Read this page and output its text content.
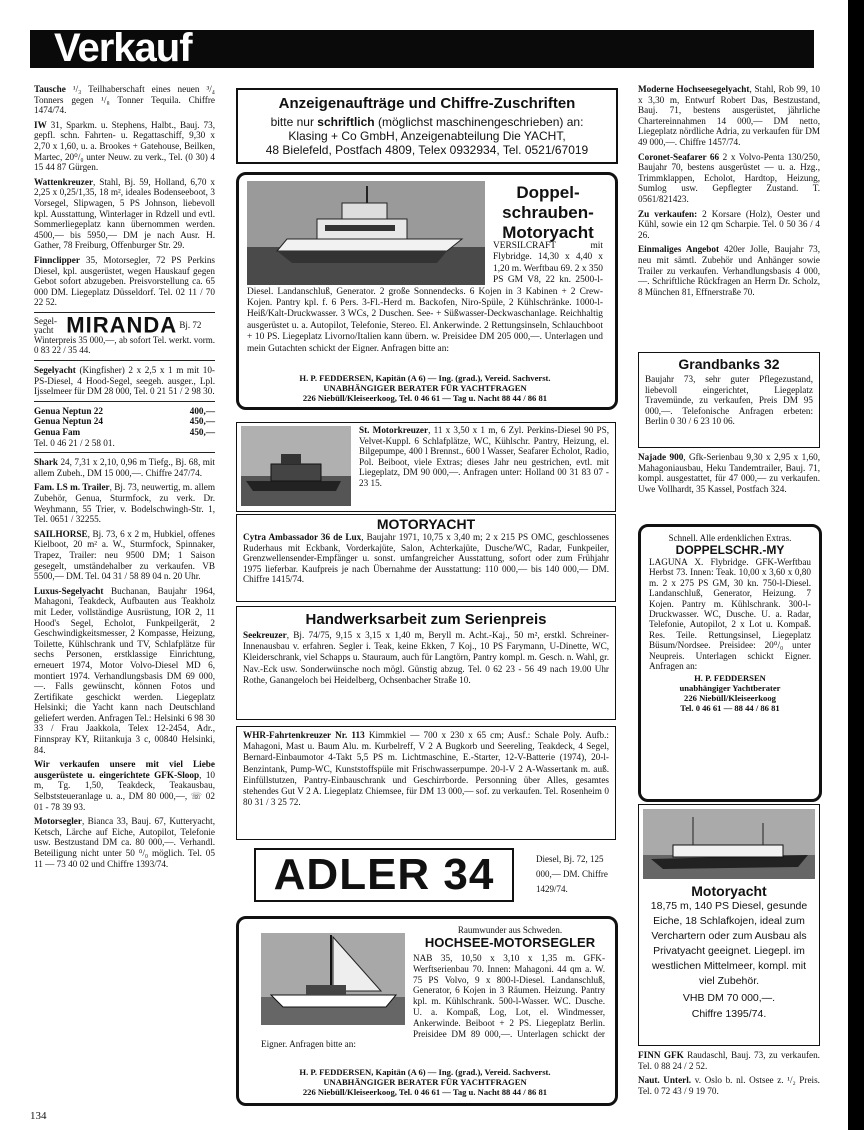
Verkauf
Tausche ¹/₃ Teilhaberschaft eines neuen ³/₄ Tonners gegen ¹/₈ Tonner Tequila. Chiffre 1474/74.
IW 31, Sparkm. u. Stephens, Halbt., Bauj. 73, gepfl. schn. Fahrten- u. Regattaschiff, 9,30 x 2,70 x 1,60, u. a. Brookes + Gatehouse, Beilken, Martec, 20⁰/₀ unter Neuw. zu verk., Tel. (0 30) 4 15 44 87 Gürgen.
Wattenkreuzer, Stahl, Bj. 59, Holland, 6,70 x 2,25 x 0,25/1,35, 18 m², ideales Bodenseeboot, 3 Vorsegel, Slipwagen, 5 PS Johnson, liebevoll kpl. Ausstattung, Winterlager in Rdzell und evtl. Sommerliegeplatz kann übernommen werden. 4500,— bis 5950,— DM je nach Ausr. H. Gather, 78 Freiburg, Offenburger Str. 29.
Finnclipper 35, Motorsegler, 72 PS Perkins Diesel, kpl. ausgerüstet, wegen Hauskauf gegen Gebot sofort abzugeben. Preisvorstellung ca. 65 000 DM. Liegeplatz Düsseldorf. Tel. 02 11 / 70 22 52.
Segel-yacht MIRANDA Bj. 72
Winterpreis 35 000,—, ab sofort Tel. werkt. vorm. 0 83 22 / 35 44.
Segelyacht (Kingfisher) 2 x 2,5 x 1 m mit 10-PS-Diesel, 4 Hood-Segel, seegeh. ausger., Lpl. Ijsselmeer für DM 28 000, Tel. 0 21 51 / 2 98 30.
Genua Neptun 22	400,—
Genua Neptun 24	450,—
Genua Fam	450,—
Tel. 0 46 21 / 2 58 01.
Shark 24, 7,31 x 2,10, 0,96 m Tiefg., Bj. 68, mit allem Zubeh., DM 15 000,—. Chiffre 247/74.
Fam. LS m. Trailer, Bj. 73, neuwertig, m. allem Zubehör, Genua, Sturmfock, zu verk. Dr. Weyhmann, 55 Trier, v. Bodelschwingh-Str. 1, Tel. 0651 / 32255.
SAILHORSE, Bj. 73, 6 x 2 m, Hubkiel, offenes Kielboot, 20 m² a. W., Sturmfock, Spinnaker, Trapez, Trailer: neu 9500 DM; 1 Saison gesegelt, umständehalber zu verkaufen. VB 5500,— DM. Tel. 04 31 / 58 89 04 n. 20 Uhr.
Luxus-Segelyacht Buchanan, Baujahr 1964, Mahagoni, Teakdeck, Aufbauten aus Teakholz mit Leder, vollständige Ausrüstung, IOR 2, 11 Hood's Segel, Echolot, Funkpeilgerät, 2 Geschwindigkeitsmesser, 2 Kompasse, Heizung, Toilette, Kühlschrank und TV, Schlafplätze für sechs Personen, erstklassige Einrichtung, erneuert 1974, Motor Volvo-Diesel MD 6, montiert 1974. Verhandlungsbasis DM 69 000,—. Falls gewünscht, können Fotos und Zertifikate geschickt werden. Liegeplatz Helsinki; die Yacht kann nach Deutschland geliefert werden. Anfragen Tel.: Helsinki 6 98 30 33 / Frau Jaakkola, Telex 12-2454, Adr., Finnspray KY, Riitankuja 3 c, 00840 Helsinki, 84.
Wir verkaufen unsere mit viel Liebe ausgerüstete u. eingerichtete GFK-Sloop, 10 m, Tg. 1,50, Teakdeck, Teakausbau, Selbststeueranlage u. a., DM 80 000,—, ☏ 02 01 - 78 39 93.
Motorsegler, Bianca 33, Bauj. 67, Kutteryacht, Ketsch, Lärche auf Eiche, Autopilot, Telefonie usw. Bestzustand DM ca. 80 000,—. Verhandl. Beteiligung nicht unter 50 ⁰/₀ möglich. Tel. 05 11 — 73 40 02 und Chiffre 1393/74.
Anzeigenaufträge und Chiffre-Zuschriften
bitte nur schriftlich (möglichst maschinengeschrieben) an:
Klasing + Co GmbH, Anzeigenabteilung Die YACHT,
48 Bielefeld, Postfach 4809, Telex 0932934, Tel. 0521/67019
Doppel-schrauben-Motoryacht
VERSILCRAFT mit Flybridge. 14,30 x 4,40 x 1,20 m. Werftbau 69. 2 x 350 PS GM V8, 22 kn. 2500-l-Diesel. Landanschluß, Generator. 2 große Sonnendecks. 6 Kojen in 3 Kabinen + 2 Crew-Kojen. Pantry kpl. f. 6 Pers. 3-Fl.-Herd m. Backofen, Niro-Spüle, 2 Kühlschränke. 1000-l-Heiß/Kalt-Druckwasser. 3 WCs, 2 Duschen. See- + Süßwasser-Deckwaschanlage. Reichhaltig ausgerüstet u. a. Autopilot, Telefonie, Stereo. El. Ankerwinde. 2 Rettungsinseln, Schlauchboot + 10 PS. Liegeplatz Livorno/Italien kann übern. w. Preisidee DM 205 000,—. Unterlagen und mein Gutachten schickt der Eigner. Anfragen bitte an:
H. P. FEDDERSEN, Kapitän (A 6) — Ing. (grad.), Vereid. Sachverst.
UNABHÄNGIGER BERATER FÜR YACHTFRAGEN
226 Niebüll/Kleiseerkoog, Tel. 0 46 61 — Tag u. Nacht 88 44 / 86 81
St. Motorkreuzer, 11 x 3,50 x 1 m, 6 Zyl. Perkins-Diesel 90 PS, Velvet-Kuppl. 6 Schlafplätze, WC, Kühlschr. Pantry, Heizung, el. Bilgepumpe, 400 l Brennst., 600 l Wasser, Seafarer Echolot, Radio, Pol. Beiboot, viele Extras; dieses Jahr neu gestrichen, evtl. mit Liegeplatz, DM 90 000,—. Anfragen unter: Holland 00 31 83 07 - 23 15.
MOTORYACHT
Cytra Ambassador 36 de Lux, Baujahr 1971, 10,75 x 3,40 m; 2 x 215 PS OMC, geschlossenes Ruderhaus mit Eckbank, Vorderkajüte, Salon, Achterkajüte, Dusche/WC, Radar, Funkpeiler, Grenzwellensender-Empfänger u. sonst. umfangreicher Ausstattung, sofort oder zum Frühjahr 1975 lieferbar. Kaufpreis je nach Übernahme der Ausstattung: 110 000,— bis 140 000,— DM. Chiffre 1415/74.
Handwerksarbeit zum Serienpreis
Seekreuzer, Bj. 74/75, 9,15 x 3,15 x 1,40 m, Beryll m. Acht.-Kaj., 50 m², erstkl. Schreiner-Innenausbau v. erfahren. Segler i. Teak, keine Ekken, 7 Koj., 10 PS Farymann, U-Dinette, WC, Kleiderschrank, viel Schapps u. Stauraum, auch für Langtörn, Pantry kompl. m. Gesch. n. Wahl, gr. Nav.-Eck usw. Sonderwünsche noch mögl. Günstig abzug. Tel. 0 62 23 - 56 49 nach 19.00 Uhr Rothe, Ganangeloch bei Heidelberg, Ochsenbacher Straße 10.
WHR-Fahrtenkreuzer Nr. 113 Kimmkiel — 700 x 230 x 65 cm; Ausf.: Schale Poly. Aufb.: Mahagoni, Mast u. Baum Alu. m. Kurbelreff, V 2 A Bugkorb und Seereling, Teakdeck, 4 Segel, Bernard-Einbaumotor 4-Takt 5,5 PS m. Lichtmaschine, E.-Starter, 12-V-Batterie (1974), 20-l-Benzintank, Pump-WC, Kunststoffspüle mit Frischwasserpumpe. 20-l-V 2 A-Wassertank m. auß. Einfüllstutzen, Pantry-Einbauschrank und Geschirrborde. Personning über Alles, gesamtes stehendes Gut V 2 A. Liegeplatz Chiemsee, für DM 13 000,— sof. zu verkaufen. Tel. Rosenheim 0 80 31 / 3 25 72.
ADLER 34	Diesel, Bj. 72, 125 000,— DM. Chiffre 1429/74.
Raumwunder aus Schweden.
HOCHSEE-MOTORSEGLER
NAB 35, 10,50 x 3,10 x 1,35 m. GFK-Werftserienbau 70. Innen: Mahagoni. 44 qm a. W. 75 PS Volvo, 9 x 800-l-Diesel. Landanschluß, Generator, 6 Kojen in 3 Räumen. Heizung. Pantry kpl. m. Kühlschrank. 500-l-Wasser. WC. Dusche. U. a. Kompaß, Log, Lot, el. Windmesser, Ankerwinde. Beiboot + 2 PS. Liegeplatz Berlin. Preisidee DM 89 000,—. Unterlagen schickt der Eigner. Anfragen bitte an:
H. P. FEDDERSEN, Kapitän (A 6) — Ing. (grad.), Vereid. Sachverst.
UNABHÄNGIGER BERATER FÜR YACHTFRAGEN
226 Niebüll/Kleiseerkoog, Tel. 0 46 61 — Tag u. Nacht 88 44 / 86 81
Moderne Hochseesegelyacht, Stahl, Rob 99, 10 x 3,30 m, Entwurf Robert Das, Bestzustand, Bauj. 71, bestens ausgerüstet, jährliche Chartereinnahmen 14 000,— DM netto, Liegeplatz nördliche Adria, zu verkaufen für DM 49 000,—. Chiffre 1457/74.
Coronet-Seafarer 66 2 x Volvo-Penta 130/250, Baujahr 70, bestens ausgerüstet — u. a. Hzg., Trimmklappen, Echolot, Hardtop, Heizung, Sumlog usw. Gepflegter Zustand. T. 0561/821423.
Zu verkaufen: 2 Korsare (Holz), Oester und Kühl, sowie ein 12 qm Scharpie. Tel. 0 50 36 / 4 26.
Einmaliges Angebot 420er Jolle, Baujahr 73, neu mit sämtl. Zubehör und Anhänger sowie Trailer zu verkaufen. Verhandlungsbasis 4 000,—. Schriftliche Rückfragen an Herrn Dr. Scholz, 8 München 81, Effnerstraße 70.
Grandbanks 32
Baujahr 73, sehr guter Pflegezustand, liebevoll eingerichtet, Liegeplatz Travemünde, zu verkaufen, Preis DM 95 000,—. Telefonische Anfragen erbeten: Berlin 0 30 / 6 23 10 06.
Najade 900, Gfk-Serienbau 9,30 x 2,95 x 1,60, Mahagoniausbau, Heku Tandemtrailer, Bauj. 71, kompl. ausgestattet, für 47 000,— zu verkaufen. Uwe Vollhardt, 35 Kassel, Postfach 324.
Schnell. Alle erdenklichen Extras.
DOPPELSCHR.-MY
LAGUNA X. Flybridge. GFK-Werftbau Herbst 73. Innen: Teak. 10,00 x 3,60 x 0,80 m. 2 x 275 PS GM, 30 kn. 750-l-Diesel. Landanschluß, Generator, Heizung. 7 Kojen. Pantry m. Kühlschrank. 300-l-Druckwasser. WC, Dusche. U. a. Radar, Telefonie, Autopilot, 2 x Lot u. Kompaß. Res. Teile. Rettungsinsel, Liegeplatz Büsum/Nordsee. Preisidee: 20⁰/₀ unter Neupreis. Unterlagen schickt Eigner. Anfragen an:
H. P. FEDDERSEN
unabhängiger Yachtberater
226 Niebüll/Kleiseerkoog
Tel. 0 46 61 — 88 44 / 86 81
Motoryacht
18,75 m, 140 PS Diesel, gesunde Eiche, 18 Schlafkojen, ideal zum Verchartern oder zum Ausbau als Privatyacht geeignet. Liegepl. im westlichen Mittelmeer, kompl. mit viel Zubehör.
VHB DM 70 000,—.
Chiffre 1395/74.
FINN GFK Raudaschl, Bauj. 73, zu verkaufen. Tel. 0 88 24 / 2 52.
Naut. Unterl. v. Oslo b. nl. Ostsee z. ¹/₂ Preis. Tel. 0 72 43 / 9 19 70.
134
